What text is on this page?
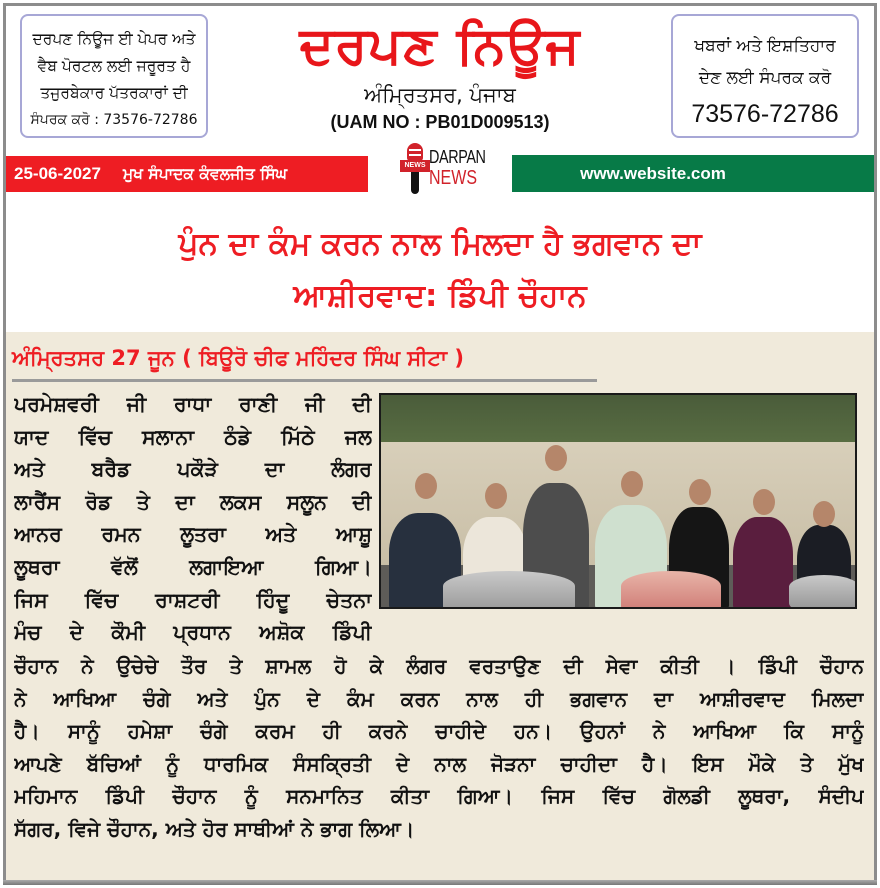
ਦਰਪਣ ਨਿਊਜ ਈ ਪੇਪਰ ਅਤੇ
ਵੈਬ ਪੋਰਟਲ ਲਈ ਜਰੂਰਤ ਹੈ
ਤਜੁਰਬੇਕਾਰ ਪੱਤਰਕਾਰਾਂ ਦੀ
ਸੰਪਰਕ ਕਰੋ : 73576-72786
ਦਰਪਣ ਨਿਊਜ
ਅੰਮ੍ਰਿਤਸਰ, ਪੰਜਾਬ
(UAM NO : PB01D009513)
ਖਬਰਾਂ ਅਤੇ ਇਸ਼ਤਿਹਾਰ
ਦੇਣ ਲਈ ਸੰਪਰਕ ਕਰੋ
73576-72786
25-06-2027 ਮੁਖ ਸੰਪਾਦਕ ਕੰਵਲਜੀਤ ਸਿੰਘ	NEWS DARPAN
NEWS	www.website.com
ਪੁੰਨ ਦਾ ਕੰਮ ਕਰਨ ਨਾਲ ਮਿਲਦਾ ਹੈ ਭਗਵਾਨ ਦਾ
ਆਸ਼ੀਰਵਾਦ: ਡਿੰਪੀ ਚੌਹਾਨ
ਅੰਮ੍ਰਿਤਸਰ 27 ਜੂਨ ( ਬਿਊਰੋ ਚੀਫ ਮਹਿੰਦਰ ਸਿੰਘ ਸੀਟਾ )
ਪਰਮੇਸ਼ਵਰੀ ਜੀ ਰਾਧਾ ਰਾਣੀ ਜੀ ਦੀ
ਯਾਦ ਵਿੱਚ ਸਲਾਨਾ ਠੰਡੇ ਮਿੱਠੇ ਜਲ
ਅਤੇ ਬਰੈਡ ਪਕੌੜੇ ਦਾ ਲੰਗਰ
ਲਾਰੈਂਸ ਰੋਡ ਤੇ ਦਾ ਲਕਸ ਸਲੂਨ ਦੀ
ਆਨਰ ਰਮਨ ਲੂਤਰਾ ਅਤੇ ਆਸ਼ੂ
ਲੂਥਰਾ ਵੱਲੋਂ ਲਗਾਇਆ ਗਿਆ।
ਜਿਸ ਵਿੱਚ ਰਾਸ਼ਟਰੀ ਹਿੰਦੂ ਚੇਤਨਾ
ਮੰਚ ਦੇ ਕੌਮੀ ਪ੍ਰਧਾਨ ਅਸ਼ੋਕ ਡਿੰਪੀ
ਚੌਹਾਨ ਨੇ ਉਚੇਚੇ ਤੌਰ ਤੇ ਸ਼ਾਮਲ ਹੋ ਕੇ ਲੰਗਰ ਵਰਤਾਉਣ ਦੀ ਸੇਵਾ ਕੀਤੀ । ਡਿੰਪੀ ਚੌਹਾਨ
ਨੇ ਆਖਿਆ ਚੰਗੇ ਅਤੇ ਪੁੰਨ ਦੇ ਕੰਮ ਕਰਨ ਨਾਲ ਹੀ ਭਗਵਾਨ ਦਾ ਆਸ਼ੀਰਵਾਦ ਮਿਲਦਾ
ਹੈ। ਸਾਨੂੰ ਹਮੇਸ਼ਾ ਚੰਗੇ ਕਰਮ ਹੀ ਕਰਨੇ ਚਾਹੀਦੇ ਹਨ। ਉਹਨਾਂ ਨੇ ਆਖਿਆ ਕਿ ਸਾਨੂੰ
ਆਪਣੇ ਬੱਚਿਆਂ ਨੂੰ ਧਾਰਮਿਕ ਸੰਸਕ੍ਰਿਤੀ ਦੇ ਨਾਲ ਜੋੜਨਾ ਚਾਹੀਦਾ ਹੈ। ਇਸ ਮੌਕੇ ਤੇ ਮੁੱਖ
ਮਹਿਮਾਨ ਡਿੰਪੀ ਚੌਹਾਨ ਨੂੰ ਸਨਮਾਨਿਤ ਕੀਤਾ ਗਿਆ। ਜਿਸ ਵਿੱਚ ਗੋਲਡੀ ਲੂਥਰਾ, ਸੰਦੀਪ
ਸੱਗਰ, ਵਿਜੇ ਚੌਹਾਨ, ਅਤੇ ਹੋਰ ਸਾਥੀਆਂ ਨੇ ਭਾਗ ਲਿਆ।
